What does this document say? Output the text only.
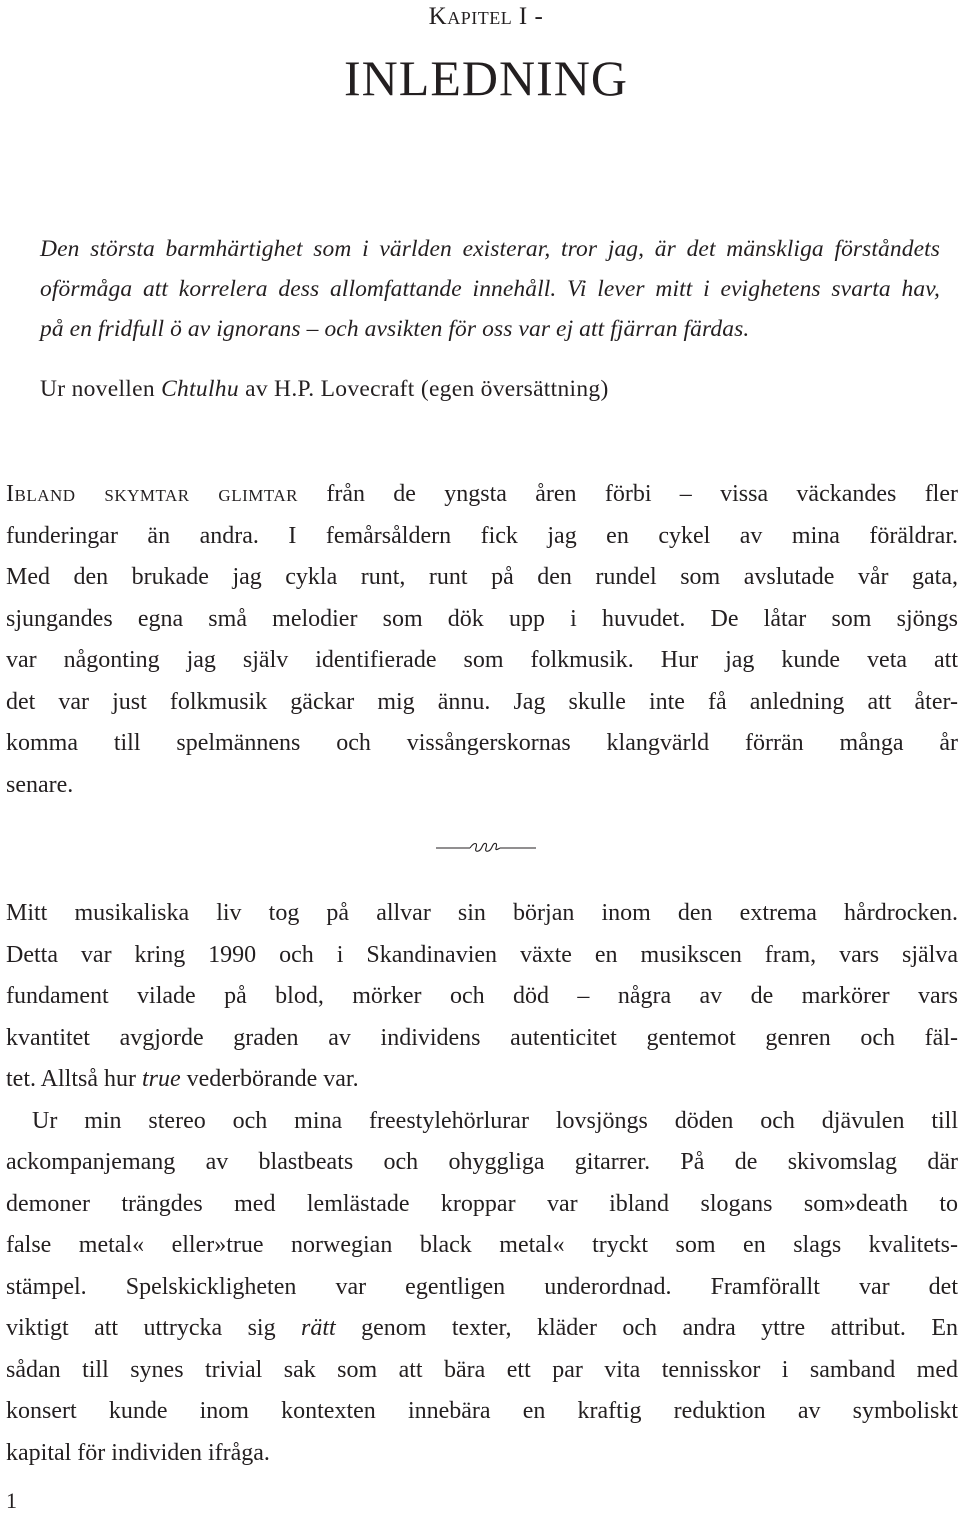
Kapitel I -
INLEDNING
Den största barmhärtighet som i världen existerar, tror jag, är det mänskliga förståndets
oförmåga att korrelera dess allomfattande innehåll. Vi lever mitt i evighetens svarta hav,
på en fridfull ö av ignorans – och avsikten för oss var ej att fjärran färdas.
Ur novellen Chtulhu av H.P. Lovecraft (egen översättning)
Ibland skymtar glimtar från de yngsta åren förbi – vissa väckandes fler
funderingar än andra. I femårsåldern fick jag en cykel av mina föräldrar.
Med den brukade jag cykla runt, runt på den rundel som avslutade vår gata,
sjungandes egna små melodier som dök upp i huvudet. De låtar som sjöngs
var någonting jag själv identifierade som folkmusik. Hur jag kunde veta att
det var just folkmusik gäckar mig ännu. Jag skulle inte få anledning att åter-
komma till spelmännens och vissångerskornas klangvärld förrän många år
senare.
Mitt musikaliska liv tog på allvar sin början inom den extrema hårdrocken.
Detta var kring 1990 och i Skandinavien växte en musikscen fram, vars själva
fundament vilade på blod, mörker och död – några av de markörer vars
kvantitet avgjorde graden av individens autenticitet gentemot genren och fäl-
tet. Alltså hur true vederbörande var.
Ur min stereo och mina freestylehörlurar lovsjöngs döden och djävulen till
ackompanjemang av blastbeats och ohyggliga gitarrer. På de skivomslag där
demoner trängdes med lemlästade kroppar var ibland slogans som»death to
false metal« eller»true norwegian black metal« tryckt som en slags kvalitets-
stämpel. Spelskickligheten var egentligen underordnad. Framförallt var det
viktigt att uttrycka sig rätt genom texter, kläder och andra yttre attribut. En
sådan till synes trivial sak som att bära ett par vita tennisskor i samband med
konsert kunde inom kontexten innebära en kraftig reduktion av symboliskt
kapital för individen ifråga.
1
